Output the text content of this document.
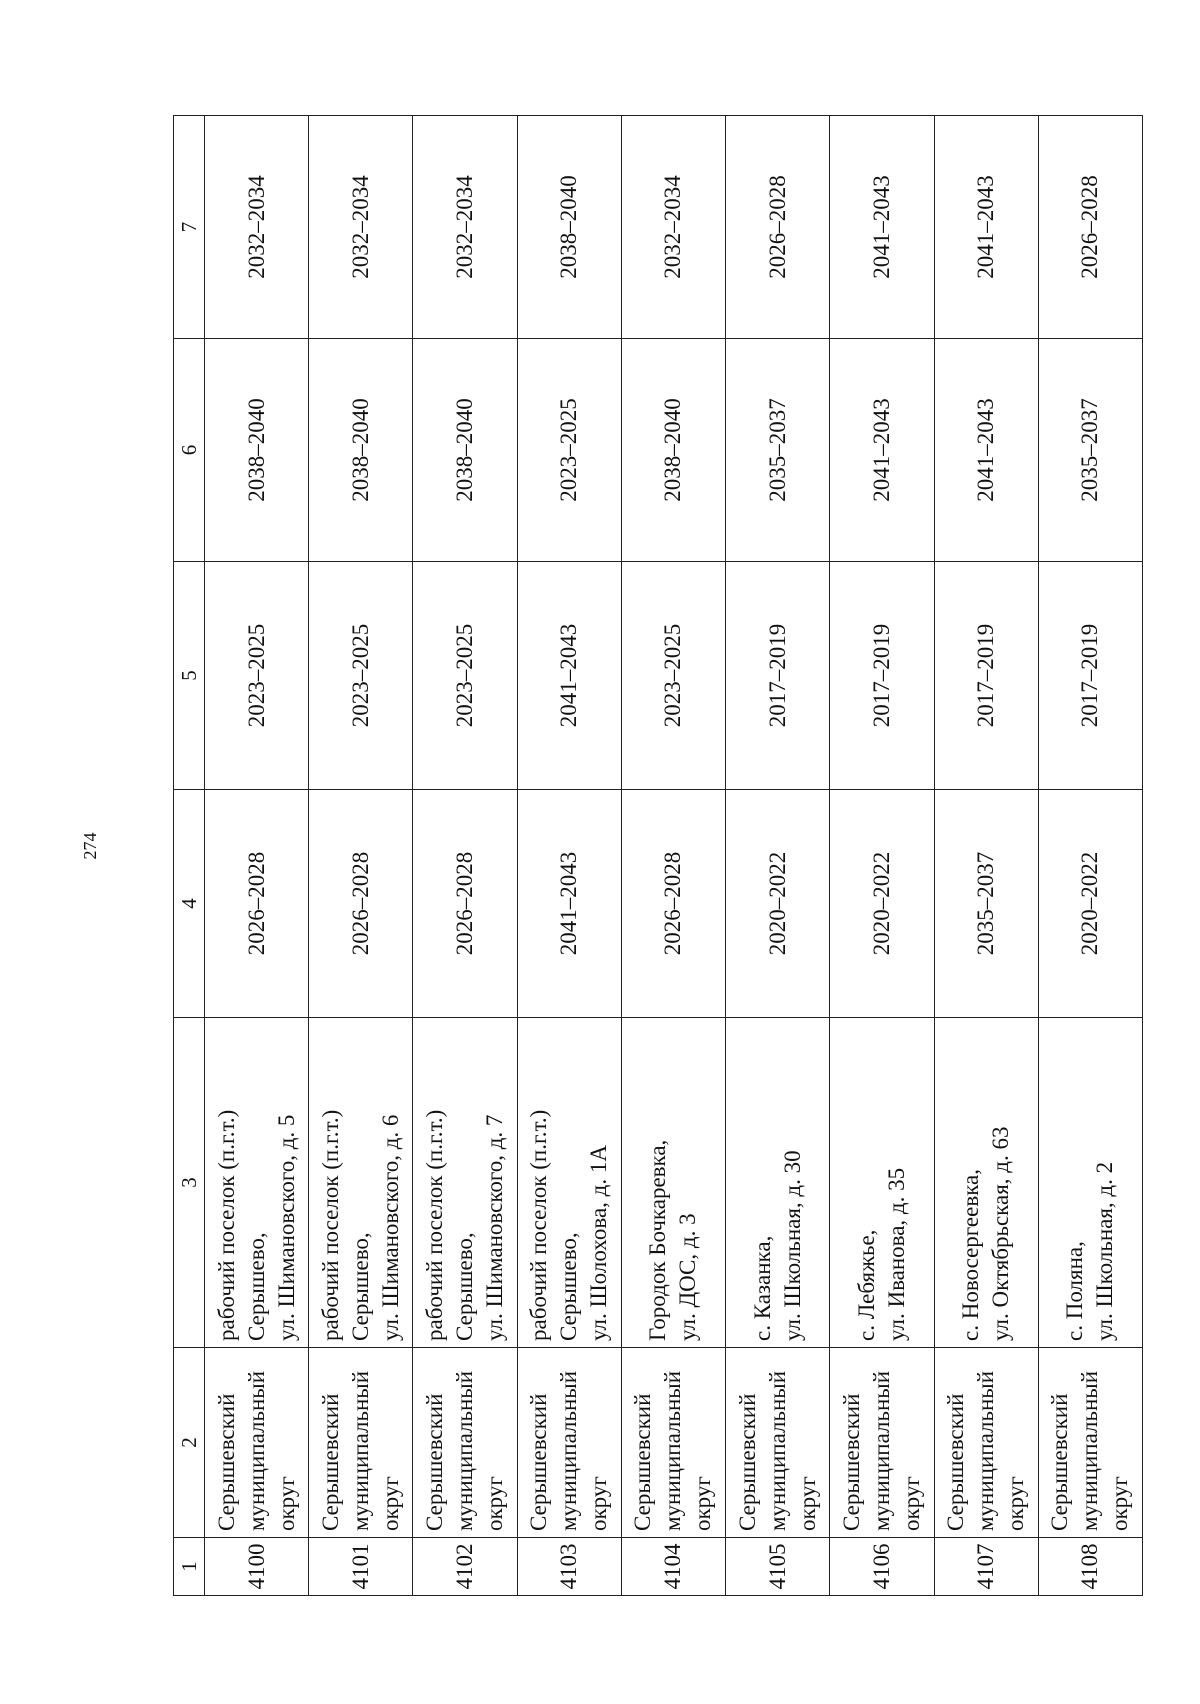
274
1	2	3	4	5	6	7
4100	Серышевский муниципальный округ	рабочий поселок (п.г.т.) Серышево, ул. Шимановского, д. 5	2026–2028	2023–2025	2038–2040	2032–2034
4101	Серышевский муниципальный округ	рабочий поселок (п.г.т.) Серышево, ул. Шимановского, д. 6	2026–2028	2023–2025	2038–2040	2032–2034
4102	Серышевский муниципальный округ	рабочий поселок (п.г.т.) Серышево, ул. Шимановского, д. 7	2026–2028	2023–2025	2038–2040	2032–2034
4103	Серышевский муниципальный округ	рабочий поселок (п.г.т.) Серышево, ул. Шолохова, д. 1А	2041–2043	2041–2043	2023–2025	2038–2040
4104	Серышевский муниципальный округ	Городок Бочкаревка, ул. ДОС, д. 3	2026–2028	2023–2025	2038–2040	2032–2034
4105	Серышевский муниципальный округ	с. Казанка, ул. Школьная, д. 30	2020–2022	2017–2019	2035–2037	2026–2028
4106	Серышевский муниципальный округ	с. Лебяжье, ул. Иванова, д. 35	2020–2022	2017–2019	2041–2043	2041–2043
4107	Серышевский муниципальный округ	с. Новосергеевка, ул. Октябрьская, д. 63	2035–2037	2017–2019	2041–2043	2041–2043
4108	Серышевский муниципальный округ	с. Поляна, ул. Школьная, д. 2	2020–2022	2017–2019	2035–2037	2026–2028
